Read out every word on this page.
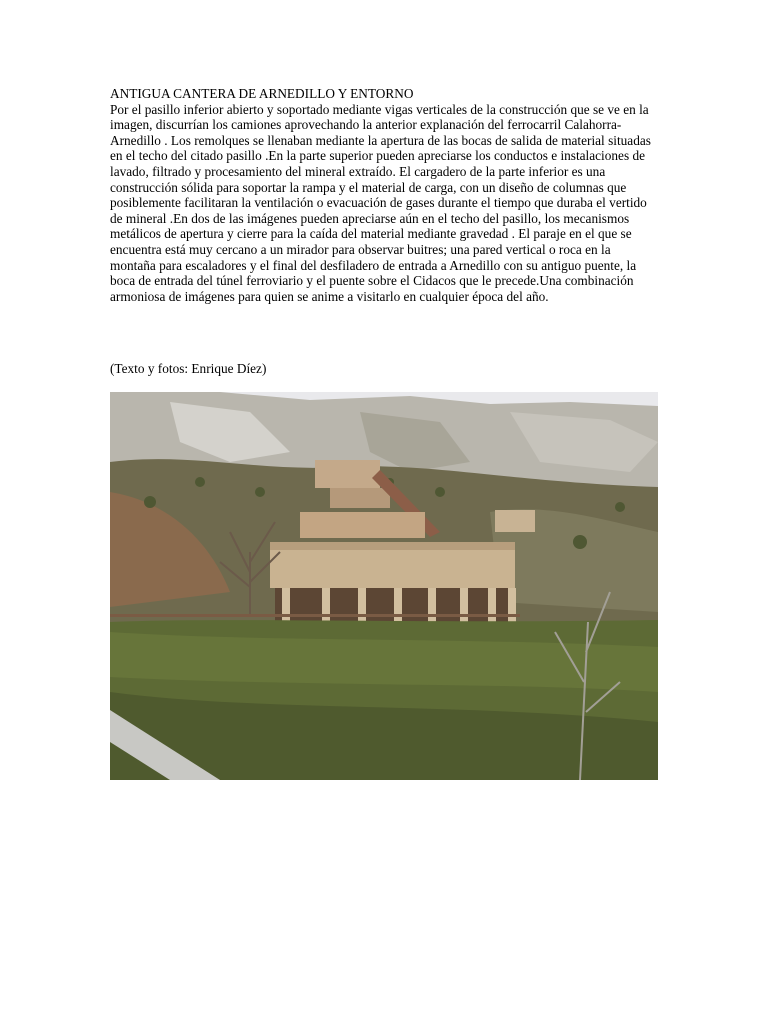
ANTIGUA CANTERA DE ARNEDILLO Y ENTORNO

Por el pasillo inferior abierto y soportado mediante vigas verticales de la construcción que se ve en la imagen, discurrían los camiones aprovechando la anterior explanación del ferrocarril Calahorra-Arnedillo . Los remolques se llenaban mediante la apertura de las bocas de salida de material situadas en el techo del citado pasillo .En la parte superior pueden apreciarse los conductos e instalaciones de lavado, filtrado y procesamiento del mineral extraído. El cargadero de la parte inferior es una construcción sólida para soportar la rampa y el material de carga, con un diseño de columnas que posiblemente facilitaran la ventilación o evacuación de gases durante el tiempo que duraba el vertido de mineral .En dos de las imágenes pueden apreciarse aún en el techo del pasillo, los mecanismos metálicos de apertura y cierre para la caída del material mediante gravedad . El paraje en el que se encuentra está muy cercano a un mirador para observar buitres; una pared vertical o roca en la montaña para escaladores y el final del desfiladero de entrada a Arnedillo con su antiguo puente, la boca de entrada del túnel ferroviario y el puente sobre el Cidacos que le precede.Una combinación armoniosa de imágenes para quien se anime a visitarlo en cualquier época del año.

(Texto y fotos: Enrique Díez)
